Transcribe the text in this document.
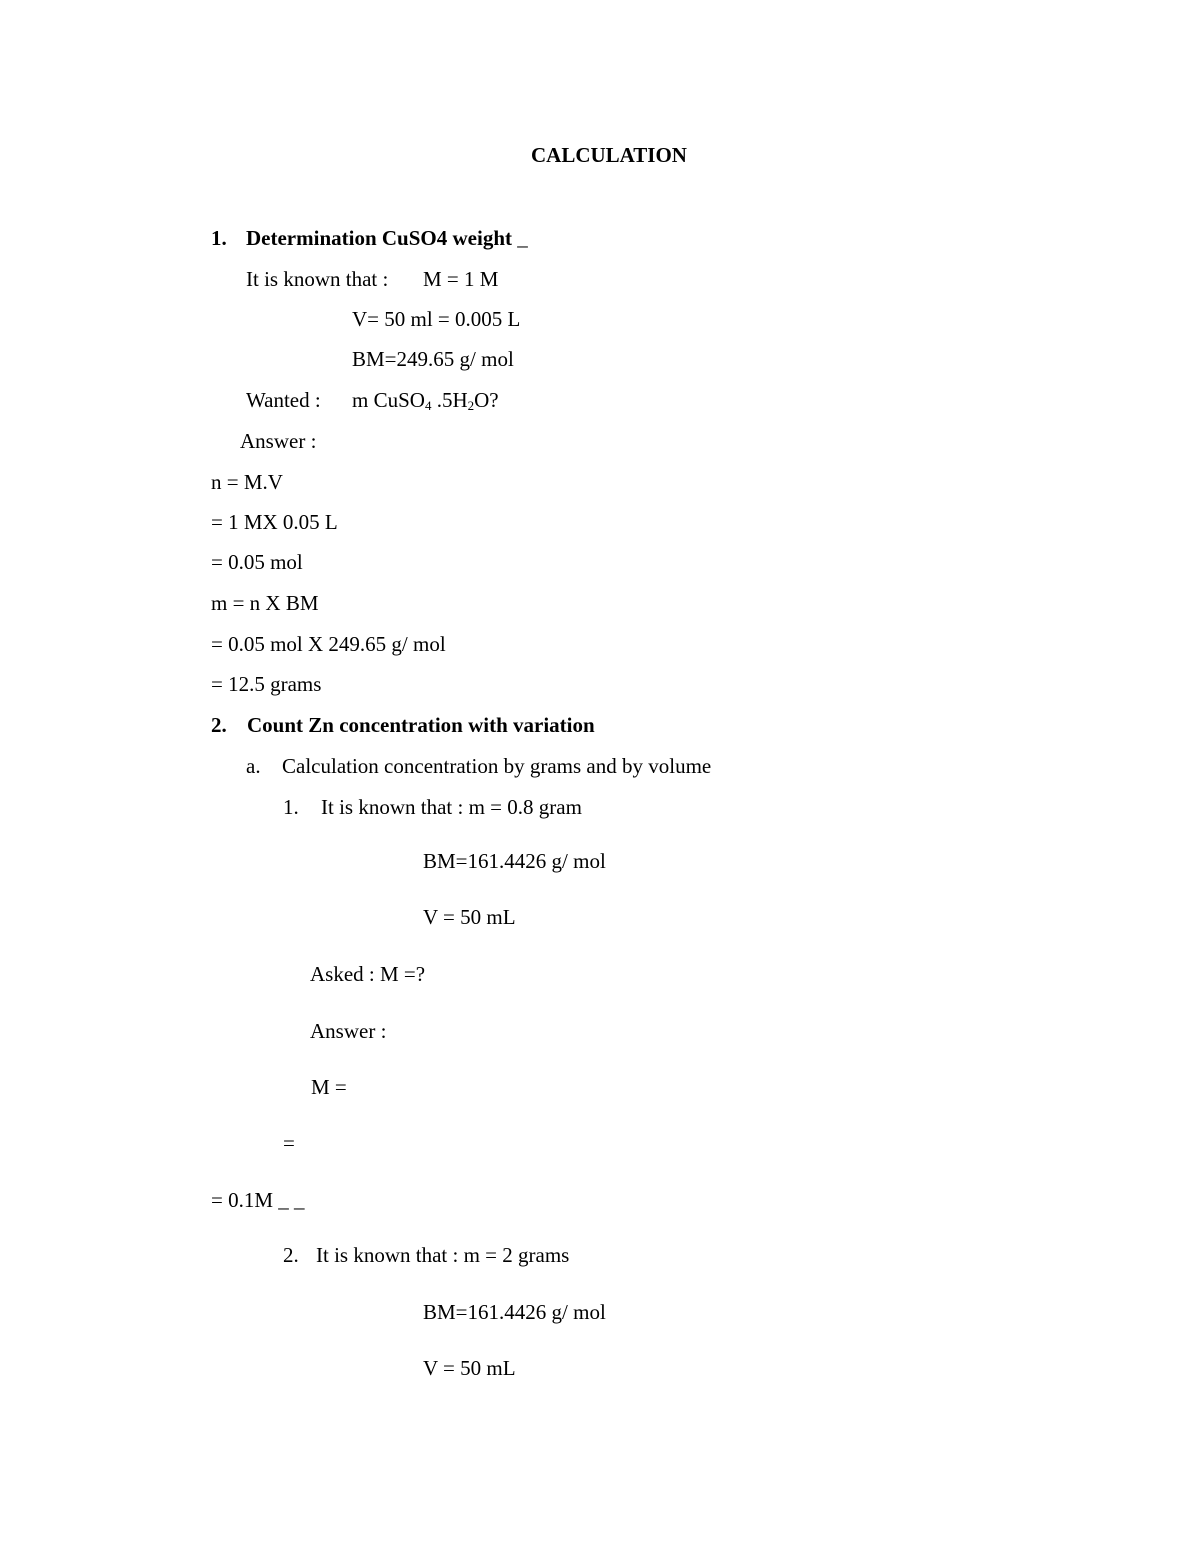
CALCULATION
1. Determination CuSO4 weight _
It is known that : M = 1 M
V= 50 ml = 0.005 L
BM=249.65 g/ mol
Wanted : m CuSO$_4$ $.5H_2O$?
Answer :
n = M.V
= 1 MX 0.05 L
= 0.05 mol
m = n X BM
= 0.05 mol X 249.65 g/ mol
= 12.5 grams
2. Count Zn concentration with variation
a. Calculation concentration by grams and by volume
1. It is known that : m = 0.8 gram
BM=161.4426 g/ mol
V = 50 mL
Asked : M =?
Answer :
M =
=
= 0.1M _ _
2. It is known that : m = 2 grams
BM=161.4426 g/ mol
V = 50 mL
